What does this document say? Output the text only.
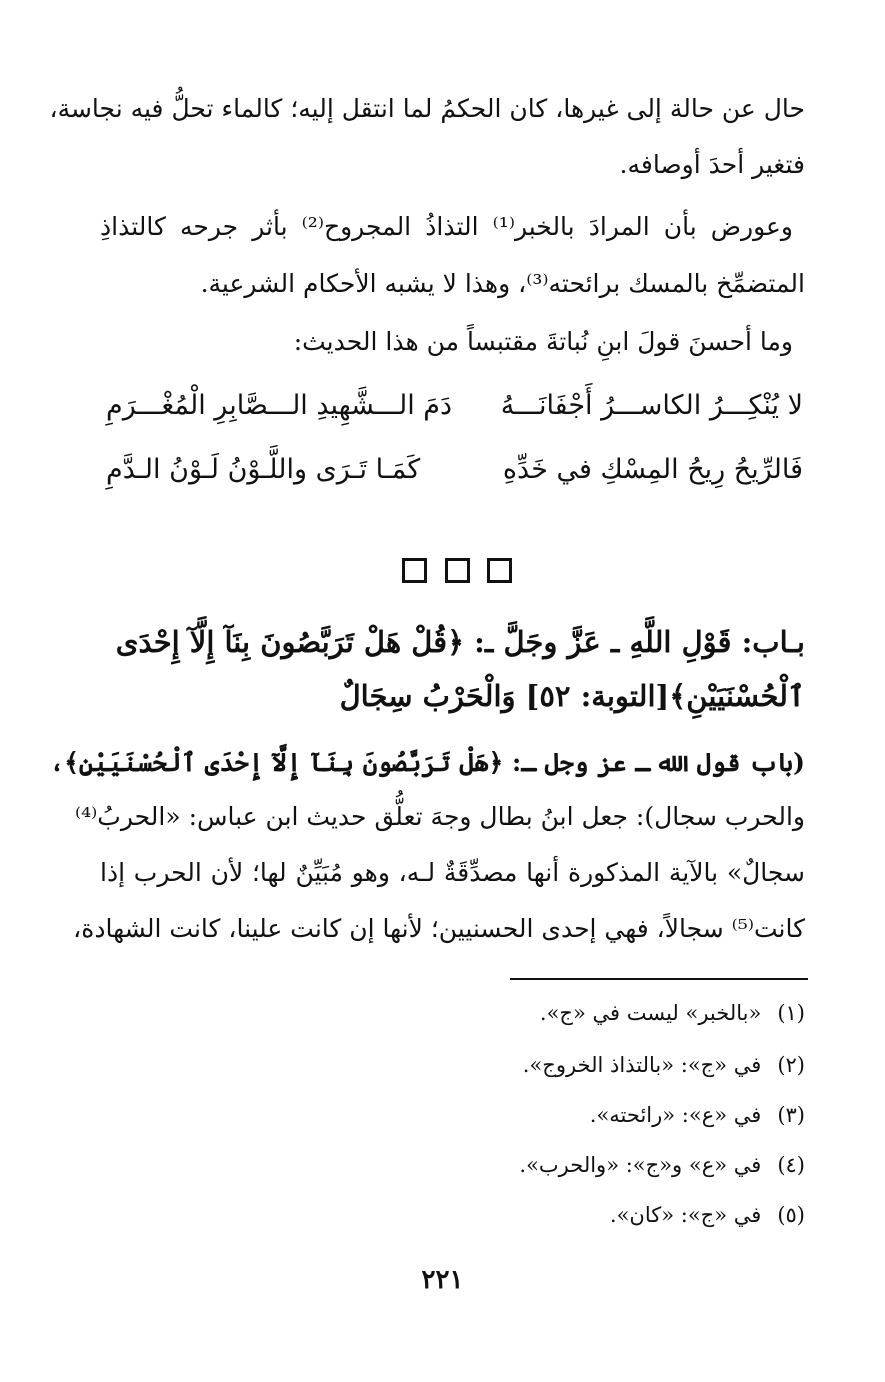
حال عن حالة إلى غيرها، كان الحكمُ لما انتقل إليه؛ كالماء تحلُّ فيه نجاسة،
فتغير أحدَ أوصافه.
وعورض بأن المرادَ بالخبر⁽¹⁾ التذاذُ المجروح⁽²⁾ بأثر جرحه كالتذاذِ
المتضمِّخ بالمسك برائحته⁽³⁾، وهذا لا يشبه الأحكام الشرعية.
وما أحسنَ قولَ ابنِ نُباتةَ مقتبساً من هذا الحديث:
لا يُنْكِـــرُ الكاســـرُ أَجْفَانَـــهُ
دَمَ الـــشَّهِيدِ الـــصَّابِرِ الْمُغْـــرَمِ
فَالرِّيحُ رِيحُ المِسْكِ في خَدِّهِ
كَمَـا تَـرَى واللَّـوْنُ لَـوْنُ الـدَّمِ
بـاب: قَوْلِ اللَّهِ ـ عَزَّ وجَلَّ ـ: ﴿قُلْ هَلْ تَرَبَّصُونَ بِنَآ إِلَّآ إِحْدَى
ٱلْحُسْنَيَيْنِ﴾[التوبة: ٥٢] وَالْحَرْبُ سِجَالٌ
(باب قول الله ـ عز وجل ـ: ﴿هَلْ تَرَبَّصُونَ بِنَآ إِلَّآ إِحْدَى ٱلْحُسْنَيَيْنِ﴾،
والحرب سجال): جعل ابنُ بطال وجهَ تعلُّق حديث ابن عباس: «الحربُ⁽⁴⁾
سجالٌ» بالآية المذكورة أنها مصدِّقَةٌ لـه، وهو مُبَيِّنٌ لها؛ لأن الحرب إذا
كانت⁽⁵⁾ سجالاً، فهي إحدى الحسنيين؛ لأنها إن كانت علينا، كانت الشهادة،
(١)«بالخبر» ليست في «ج».
(٢)في «ج»: «بالتذاذ الخروج».
(٣)في «ع»: «رائحته».
(٤)في «ع» و«ج»: «والحرب».
(٥)في «ج»: «كان».
٢٢١
